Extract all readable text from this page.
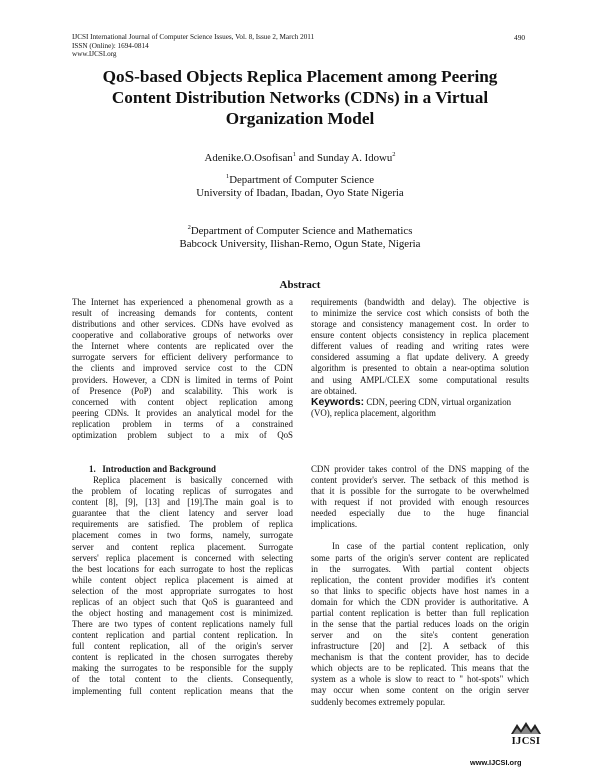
IJCSI International Journal of Computer Science Issues, Vol. 8, Issue 2, March 2011
ISSN (Online): 1694-0814
www.IJCSI.org
490
QoS-based Objects Replica Placement among Peering
Content Distribution Networks (CDNs) in a Virtual
Organization Model
Adenike.O.Osofisan$^1$ and Sunday A. Idowu$^2$
$^1$Department of Computer Science
University of Ibadan, Ibadan, Oyo State Nigeria
$^2$Department of Computer Science and Mathematics
Babcock University, Ilishan-Remo, Ogun State, Nigeria
Abstract
The Internet has experienced a phenomenal growth as a
result of increasing demands for contents, content
distributions and other services. CDNs have evolved as
cooperative and collaborative groups of networks over
the Internet where contents are replicated over the
surrogate servers for efficient delivery performance to
the clients and improved service cost to the CDN
providers. However, a CDN is limited in terms of Point
of Presence (PoP) and scalability. This work is
concerned with content object replication among
peering CDNs. It provides an analytical model for the
replication problem in terms of a constrained
optimization problem subject to a mix of QoS
requirements (bandwidth and delay). The objective is
to minimize the service cost which consists of both the
storage and consistency management cost. In order to
ensure content objects consistency in replica placement
different values of reading and writing rates were
considered assuming a flat update delivery. A greedy
algorithm is presented to obtain a near-optima solution
and using AMPL/CLEX some computational results
are obtained.
Keywords: CDN, peering CDN, virtual organization
(VO), replica placement, algorithm
1. Introduction and Background
Replica placement is basically concerned with
the problem of locating replicas of surrogates and
content [8], [9], [13] and [19].The main goal is to
guarantee that the client latency and server load
requirements are satisfied. The problem of replica
placement comes in two forms, namely, surrogate
server and content replica placement. Surrogate
servers' replica placement is concerned with selecting
the best locations for each surrogate to host the replicas
while content object replica placement is aimed at
selection of the most appropriate surrogates to host
replicas of an object such that QoS is guaranteed and
the object hosting and management cost is minimized.
There are two types of content replications namely full
content replication and partial content replication. In
full content replication, all of the origin's server
content is replicated in the chosen surrogates thereby
making the surrogates to be responsible for the supply
of the total content to the clients. Consequently,
implementing full content replication means that the
CDN provider takes control of the DNS mapping of the
content provider's server. The setback of this method is
that it is possible for the surrogate to be overwhelmed
with request if not provided with enough resources
needed especially due to the huge financial
implications.
In case of the partial content replication, only
some parts of the origin's server content are replicated
in the surrogates. With partial content objects
replication, the content provider modifies it's content
so that links to specific objects have host names in a
domain for which the CDN provider is authoritative. A
partial content replication is better than full replication
in the sense that the partial reduces loads on the origin
server and on the site's content generation
infrastructure [20] and [2]. A setback of this
mechanism is that the content provider, has to decide
which objects are to be replicated. This means that the
system as a whole is slow to react to " hot-spots" which
may occur when some content on the origin server
suddenly becomes extremely popular.
IJCSI
www.IJCSI.org
